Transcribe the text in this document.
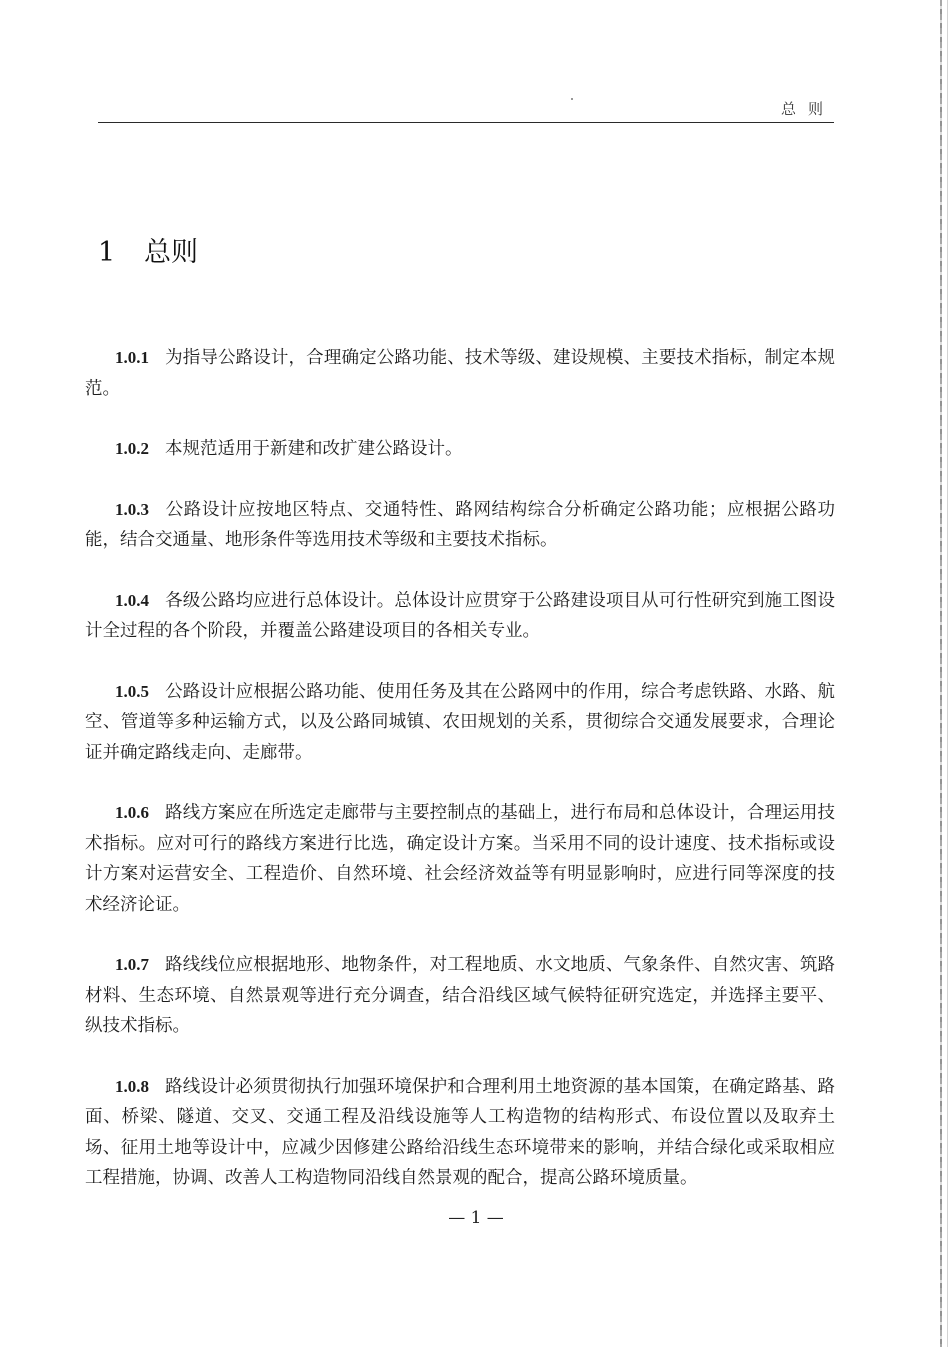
总则
1	总则

1.0.1 为指导公路设计，合理确定公路功能、技术等级、建设规模、主要技术指标，制定本规范。

1.0.2 本规范适用于新建和改扩建公路设计。

1.0.3 公路设计应按地区特点、交通特性、路网结构综合分析确定公路功能；应根据公路功能，结合交通量、地形条件等选用技术等级和主要技术指标。

1.0.4 各级公路均应进行总体设计。总体设计应贯穿于公路建设项目从可行性研究到施工图设计全过程的各个阶段，并覆盖公路建设项目的各相关专业。

1.0.5 公路设计应根据公路功能、使用任务及其在公路网中的作用，综合考虑铁路、水路、航空、管道等多种运输方式，以及公路同城镇、农田规划的关系，贯彻综合交通发展要求，合理论证并确定路线走向、走廊带。

1.0.6 路线方案应在所选定走廊带与主要控制点的基础上，进行布局和总体设计，合理运用技术指标。应对可行的路线方案进行比选，确定设计方案。当采用不同的设计速度、技术指标或设计方案对运营安全、工程造价、自然环境、社会经济效益等有明显影响时，应进行同等深度的技术经济论证。

1.0.7 路线线位应根据地形、地物条件，对工程地质、水文地质、气象条件、自然灾害、筑路材料、生态环境、自然景观等进行充分调查，结合沿线区域气候特征研究选定，并选择主要平、纵技术指标。

1.0.8 路线设计必须贯彻执行加强环境保护和合理利用土地资源的基本国策，在确定路基、路面、桥梁、隧道、交叉、交通工程及沿线设施等人工构造物的结构形式、布设位置以及取弃土场、征用土地等设计中，应减少因修建公路给沿线生态环境带来的影响，并结合绿化或采取相应工程措施，协调、改善人工构造物同沿线自然景观的配合，提高公路环境质量。

— 1 —
